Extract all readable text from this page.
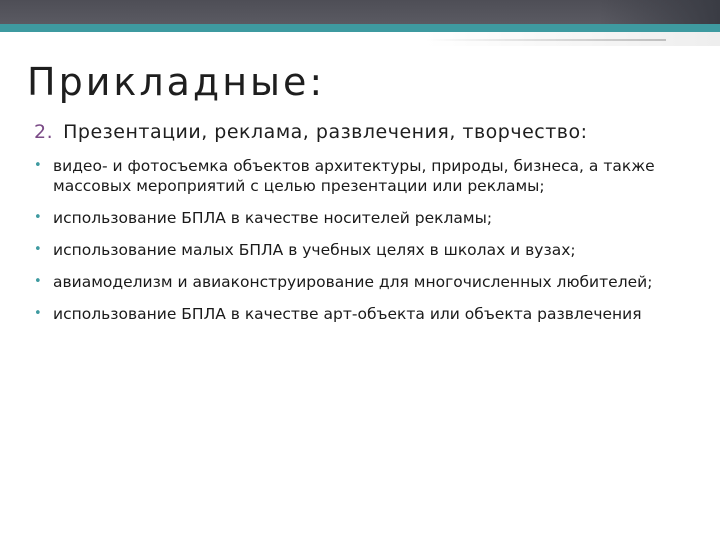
Прикладные:
2. Презентации, реклама, развлечения, творчество:
• видео- и фотосъемка объектов архитектуры, природы, бизнеса, а также массовых мероприятий с целью презентации или рекламы;
• использование БПЛА в качестве носителей рекламы;
• использование малых БПЛА в учебных целях в школах и вузах;
• авиамоделизм и авиаконструирование для многочисленных любителей;
• использование БПЛА в качестве арт-объекта или объекта развлечения
